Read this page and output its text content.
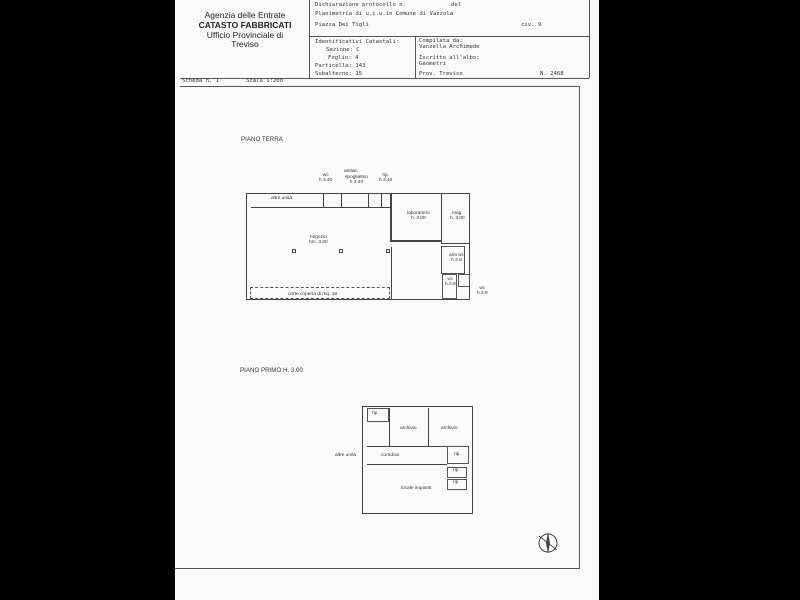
Agenzia delle Entrate
CATASTO FABBRICATI
Ufficio Provinciale di
Treviso
Dichiarazione protocollo n.	del
Planimetria di u.i.u.in Comune di Vazzola
Piazza Dei Tigli	civ. 9
Identificativi Catastali:
Sezione: C
Foglio: 4
Particella: 143
Subalterno: 15
Compilata da:
Vanzella Archimede
Iscritto all'albo:
Geometri
Prov. Treviso	N. 2468
Scheda n. 1	Scala 1:200
PIANO TERRA
altre unità
wc
h 3.40
antiwc
spogliatoio
h 3.40
rip.
h 3.40
laboratorio
h. 3.00
mag.
h. 3.00
negozio
hm. 3.00
anti wc
h 2.8
wc
h 2.8
wc
h 2.8
corte coperta di mq. 18
PIANO PRIMO H. 3.00
rip.
archivio	archivio
altre unità	corridoio	rip.
rip.
rip.
locale impianti
